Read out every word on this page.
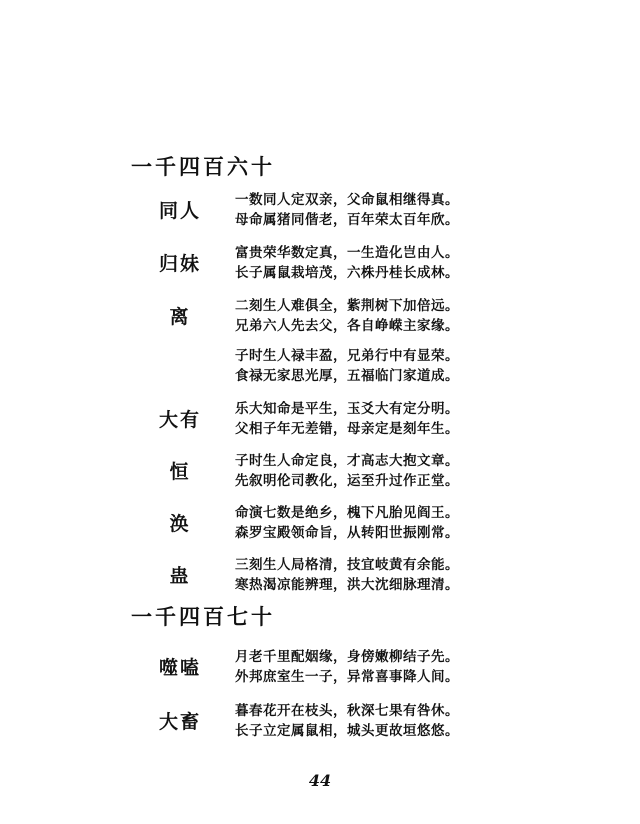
一千四百六十
同人	一数同人定双亲，父命鼠相继得真。
母命属猪同偕老，百年荣太百年欣。
归妹	富贵荣华数定真，一生造化岂由人。
长子属鼠栽培茂，六株丹桂长成林。
离	二刻生人难俱全，紫荆树下加倍远。
兄弟六人先去父，各自峥嵘主家缘。
子时生人禄丰盈，兄弟行中有显荣。
食禄无家思光厚，五福临门家道成。
大有	乐大知命是平生，玉爻大有定分明。
父相子年无差错，母亲定是刻年生。
恒	子时生人命定良，才高志大抱文章。
先叙明伦司教化，运至升过作正堂。
涣	命演七数是绝乡，槐下凡胎见阎王。
森罗宝殿领命旨，从转阳世振刚常。
蛊	三刻生人局格清，技宜岐黄有余能。
寒热渴凉能辨理，洪大沈细脉理清。
一千四百七十
噬嗑	月老千里配姻缘，身傍嫩柳结子先。
外邦庶室生一子，异常喜事降人间。
大畜	暮春花开在枝头，秋深七果有咎休。
长子立定属鼠相，城头更故垣悠悠。
44
